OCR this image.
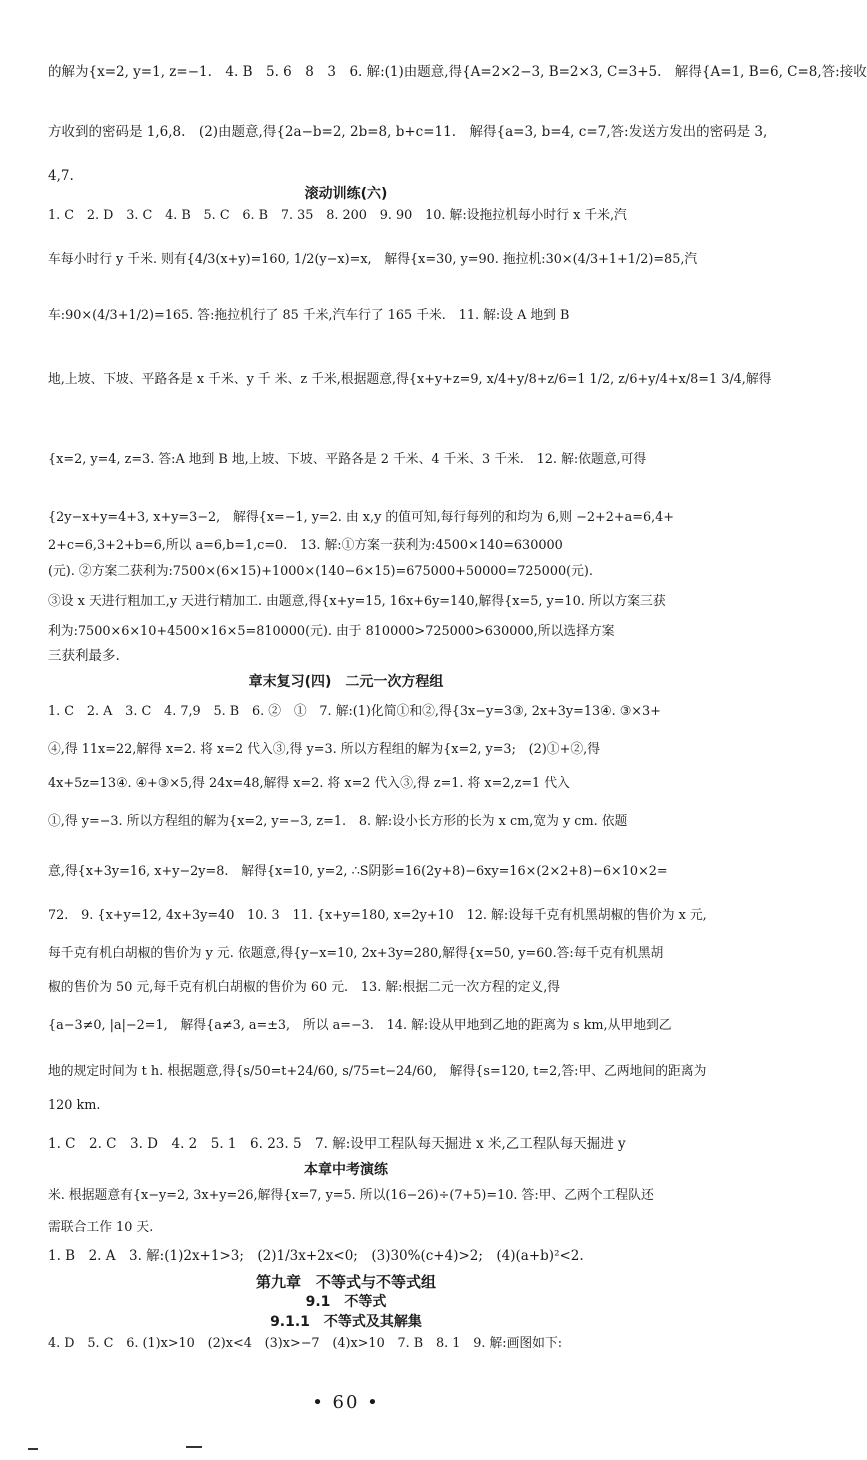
的解为{x=2, y=1, z=−1.　4. B　5. 6　8　3　6. 解:(1)由题意,得{A=2×2−3, B=2×3, C=3+5.　解得{A=1, B=6, C=8,答:接收
方收到的密码是 1,6,8.　(2)由题意,得{2a−b=2, 2b=8, b+c=11.　解得{a=3, b=4, c=7,答:发送方发出的密码是 3,
4,7.
滚动训练(六)
1. C　2. D　3. C　4. B　5. C　6. B　7. 35　8. 200　9. 90　10. 解:设拖拉机每小时行 x 千米,汽
车每小时行 y 千米. 则有{4/3(x+y)=160, 1/2(y−x)=x,　解得{x=30, y=90. 拖拉机:30×(4/3+1+1/2)=85,汽
车:90×(4/3+1/2)=165. 答:拖拉机行了 85 千米,汽车行了 165 千米.　11. 解:设 A 地到 B
地,上坡、下坡、平路各是 x 千米、y 千 米、z 千米,根据题意,得{x+y+z=9, x/4+y/8+z/6=1 1/2, z/6+y/4+x/8=1 3/4,解得
{x=2, y=4, z=3. 答:A 地到 B 地,上坡、下坡、平路各是 2 千米、4 千米、3 千米.　12. 解:依题意,可得
{2y−x+y=4+3, x+y=3−2,　解得{x=−1, y=2. 由 x,y 的值可知,每行每列的和均为 6,则 −2+2+a=6,4+
2+c=6,3+2+b=6,所以 a=6,b=1,c=0.　13. 解:①方案一获利为:4500×140=630000
(元). ②方案二获利为:7500×(6×15)+1000×(140−6×15)=675000+50000=725000(元).
③设 x 天进行粗加工,y 天进行精加工. 由题意,得{x+y=15, 16x+6y=140,解得{x=5, y=10. 所以方案三获
利为:7500×6×10+4500×16×5=810000(元). 由于 810000>725000>630000,所以选择方案
三获利最多.
章末复习(四)　二元一次方程组
1. C　2. A　3. C　4. 7,9　5. B　6. ②　①　7. 解:(1)化简①和②,得{3x−y=3③, 2x+3y=13④. ③×3+
④,得 11x=22,解得 x=2. 将 x=2 代入③,得 y=3. 所以方程组的解为{x=2, y=3;　(2)①+②,得
4x+5z=13④. ④+③×5,得 24x=48,解得 x=2. 将 x=2 代入③,得 z=1. 将 x=2,z=1 代入
①,得 y=−3. 所以方程组的解为{x=2, y=−3, z=1.　8. 解:设小长方形的长为 x cm,宽为 y cm. 依题
意,得{x+3y=16, x+y−2y=8.　解得{x=10, y=2, ∴S阴影=16(2y+8)−6xy=16×(2×2+8)−6×10×2=
72.　9. {x+y=12, 4x+3y=40　10. 3　11. {x+y=180, x=2y+10　12. 解:设每千克有机黑胡椒的售价为 x 元,
每千克有机白胡椒的售价为 y 元. 依题意,得{y−x=10, 2x+3y=280,解得{x=50, y=60.答:每千克有机黑胡
椒的售价为 50 元,每千克有机白胡椒的售价为 60 元.　13. 解:根据二元一次方程的定义,得
{a−3≠0, |a|−2=1,　解得{a≠3, a=±3,　所以 a=−3.　14. 解:设从甲地到乙地的距离为 s km,从甲地到乙
地的规定时间为 t h. 根据题意,得{s/50=t+24/60, s/75=t−24/60,　解得{s=120, t=2,答:甲、乙两地间的距离为
120 km.
1. C　2. C　3. D　4. 2　5. 1　6. 23. 5　7. 解:设甲工程队每天掘进 x 米,乙工程队每天掘进 y
本章中考演练
米. 根据题意有{x−y=2, 3x+y=26,解得{x=7, y=5. 所以(16−26)÷(7+5)=10. 答:甲、乙两个工程队还
需联合工作 10 天.
1. B　2. A　3. 解:(1)2x+1>3;　(2)1/3x+2x<0;　(3)30%(c+4)>2;　(4)(a+b)²<2.
第九章　不等式与不等式组
9.1　不等式
9.1.1　不等式及其解集
4. D　5. C　6. (1)x>10　(2)x<4　(3)x>−7　(4)x>10　7. B　8. 1　9. 解:画图如下:
• 60 •
